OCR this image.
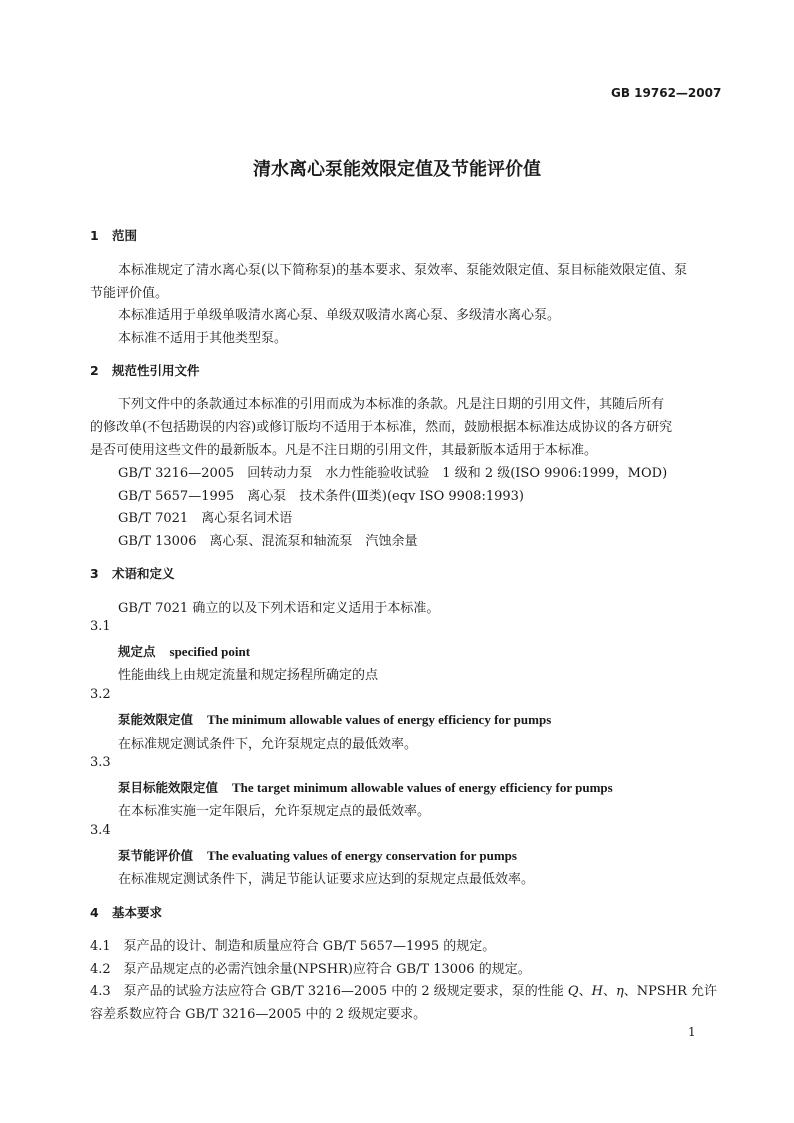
GB 19762—2007
清水离心泵能效限定值及节能评价值
1 范围
本标准规定了清水离心泵(以下简称泵)的基本要求、泵效率、泵能效限定值、泵目标能效限定值、泵
节能评价值。
本标准适用于单级单吸清水离心泵、单级双吸清水离心泵、多级清水离心泵。
本标准不适用于其他类型泵。
2 规范性引用文件
下列文件中的条款通过本标准的引用而成为本标准的条款。凡是注日期的引用文件，其随后所有
的修改单(不包括勘误的内容)或修订版均不适用于本标准，然而，鼓励根据本标准达成协议的各方研究
是否可使用这些文件的最新版本。凡是不注日期的引用文件，其最新版本适用于本标准。
GB/T 3216—2005　回转动力泵　水力性能验收试验　1 级和 2 级(ISO 9906:1999，MOD)
GB/T 5657—1995　离心泵　技术条件(Ⅲ类)(eqv ISO 9908:1993)
GB/T 7021　离心泵名词术语
GB/T 13006　离心泵、混流泵和轴流泵　汽蚀余量
3 术语和定义
GB/T 7021 确立的以及下列术语和定义适用于本标准。
3.1
规定点 specified point
性能曲线上由规定流量和规定扬程所确定的点
3.2
泵能效限定值 The minimum allowable values of energy efficiency for pumps
在标准规定测试条件下，允许泵规定点的最低效率。
3.3
泵目标能效限定值 The target minimum allowable values of energy efficiency for pumps
在本标准实施一定年限后，允许泵规定点的最低效率。
3.4
泵节能评价值 The evaluating values of energy conservation for pumps
在标准规定测试条件下，满足节能认证要求应达到的泵规定点最低效率。
4 基本要求
4.1　泵产品的设计、制造和质量应符合 GB/T 5657—1995 的规定。
4.2　泵产品规定点的必需汽蚀余量(NPSHR)应符合 GB/T 13006 的规定。
4.3　泵产品的试验方法应符合 GB/T 3216—2005 中的 2 级规定要求，泵的性能 Q、H、η、NPSHR 允许
容差系数应符合 GB/T 3216—2005 中的 2 级规定要求。
1
